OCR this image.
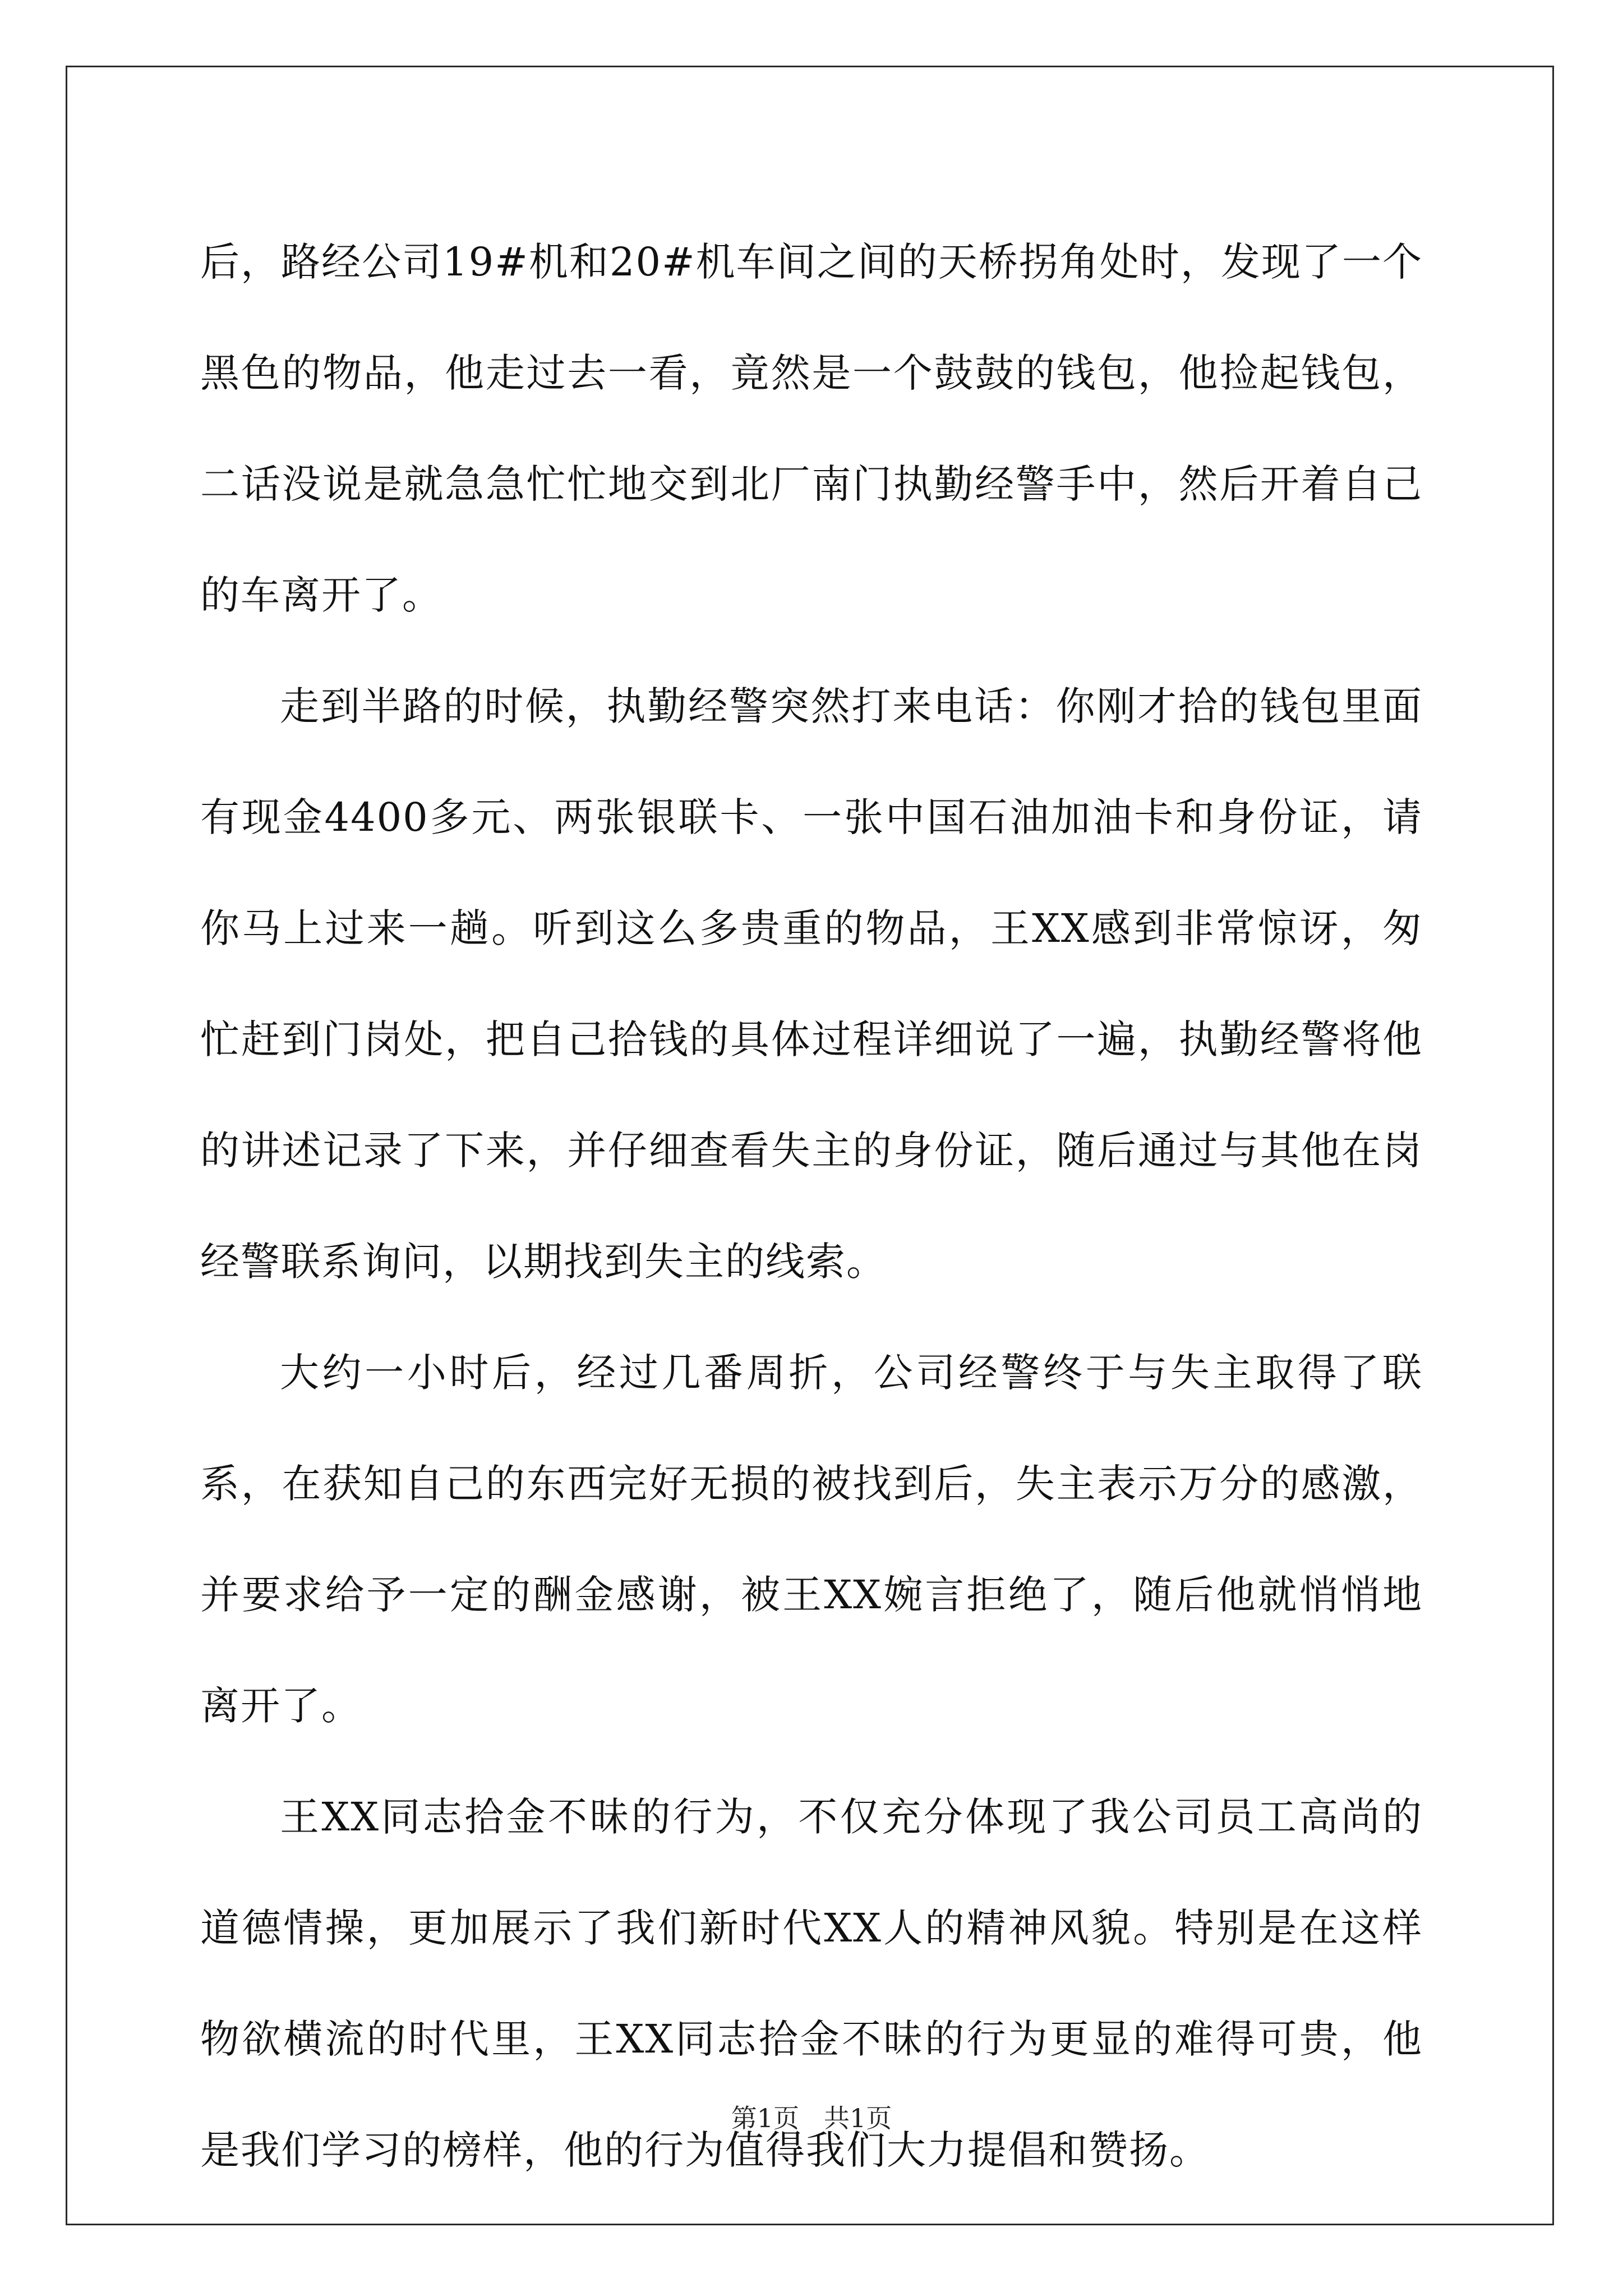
后，路经公司19#机和20#机车间之间的天桥拐角处时，发现了一个黑色的物品，他走过去一看，竟然是一个鼓鼓的钱包，他捡起钱包，二话没说是就急急忙忙地交到北厂南门执勤经警手中，然后开着自己的车离开了。

走到半路的时候，执勤经警突然打来电话：你刚才拾的钱包里面有现金4400多元、两张银联卡、一张中国石油加油卡和身份证，请你马上过来一趟。听到这么多贵重的物品，王XX感到非常惊讶，匆忙赶到门岗处，把自己拾钱的具体过程详细说了一遍，执勤经警将他的讲述记录了下来，并仔细查看失主的身份证，随后通过与其他在岗经警联系询问，以期找到失主的线索。

大约一小时后，经过几番周折，公司经警终于与失主取得了联系，在获知自己的东西完好无损的被找到后，失主表示万分的感激，并要求给予一定的酬金感谢，被王XX婉言拒绝了，随后他就悄悄地离开了。

王XX同志拾金不昧的行为，不仅充分体现了我公司员工高尚的道德情操，更加展示了我们新时代XX人的精神风貌。特别是在这样物欲横流的时代里，王XX同志拾金不昧的行为更显的难得可贵，他是我们学习的榜样，他的行为值得我们大力提倡和赞扬。

第1页 共1页
